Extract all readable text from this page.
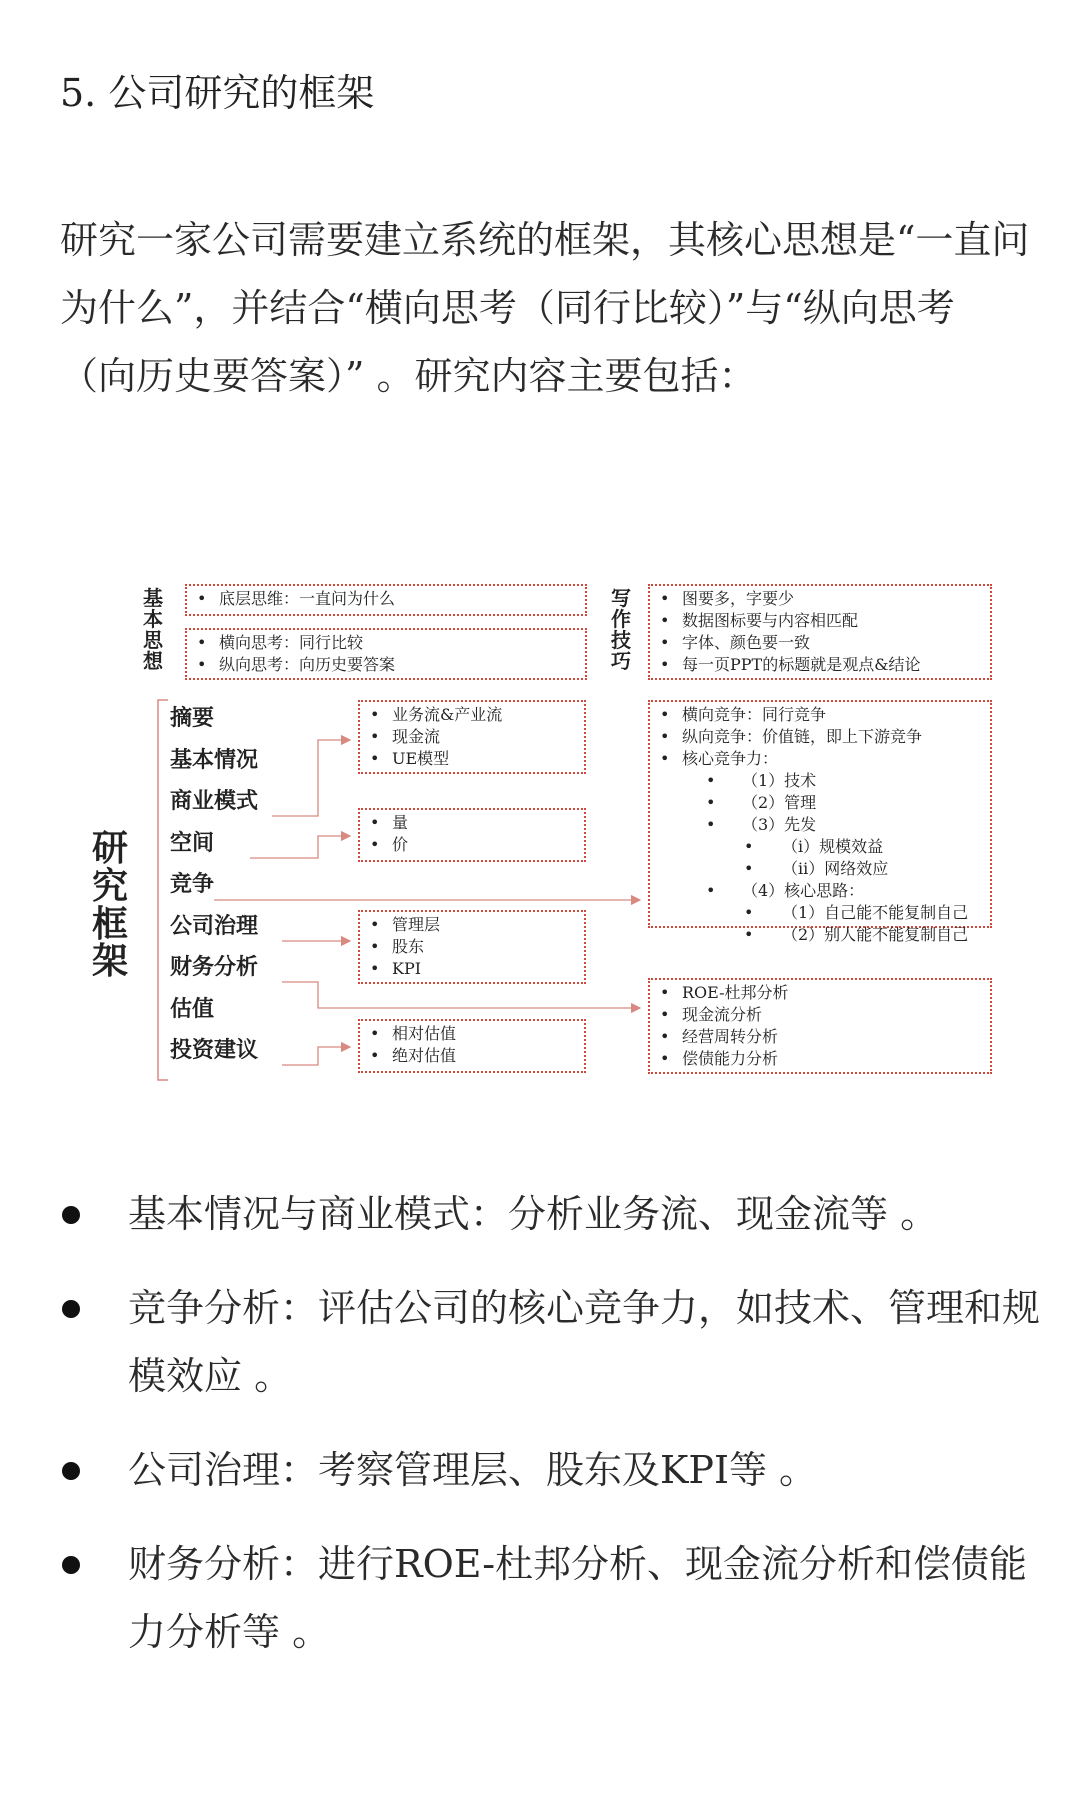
5. 公司研究的框架

研究一家公司需要建立系统的框架，其核心思想是“一直问为什么”，并结合“横向思考（同行比较）”与“纵向思考（向历史要答案）” 。研究内容主要包括：

基本思想
写作技巧
研究框架
• 底层思维：一直问为什么
• 横向思考：同行比较
• 纵向思考：向历史要答案
• 图要多，字要少
• 数据图标要与内容相匹配
• 字体、颜色要一致
• 每一页PPT的标题就是观点&结论
摘要
基本情况
商业模式
空间
竞争
公司治理
财务分析
估值
投资建议
• 业务流&产业流
• 现金流
• UE模型
• 量
• 价
• 管理层
• 股东
• KPI
• 相对估值
• 绝对估值
• 横向竞争：同行竞争
• 纵向竞争：价值链，即上下游竞争
• 核心竞争力：
• （1）技术
• （2）管理
• （3）先发
• （i）规模效益
• （ii）网络效应
• （4）核心思路：
• （1）自己能不能复制自己
• （2）别人能不能复制自己
• ROE-杜邦分析
• 现金流分析
• 经营周转分析
• 偿债能力分析
基本情况与商业模式：分析业务流、现金流等 。
竞争分析：评估公司的核心竞争力，如技术、管理和规模效应 。
公司治理：考察管理层、股东及KPI等 。
财务分析：进行ROE-杜邦分析、现金流分析和偿债能力分析等 。
